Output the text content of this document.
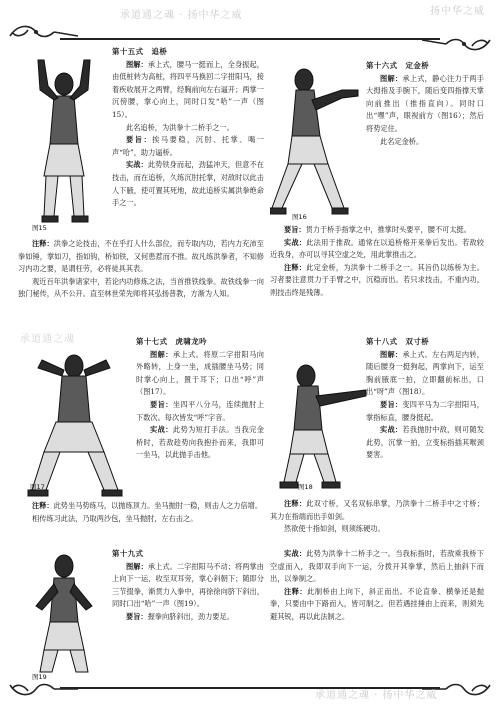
承道通之魂 · 扬中华之威	扬中华之威
承道通之魂
承道通之魂 · 扬中华之威
图15

第十五式　追桥

图解：承上式，腰马一挺而上，全身振起，由低桩转为高桩，将四平马换回二字拑阳马，接着疾收展开之两臂，经胸前向左右逼开；两掌一沉傍腰，掌心向上，同时口发“哈”一声（图15）。

此名追桥，为洪拳十二桥手之一。

要旨：挨马要稳，沉肘、托掌、喝一声“哈”，助力逼桥。

实战：此势铁身而起，劲猛冲天，但意不在技击，而在追桥，久练沉肘托掌，对敌时以此击人下腋，使可置其死地，故此追桥实属洪拳绝命手之一。

注释：洪拳之论技击，不在乎打人什么部位，而专取内功，若内力充沛至拳如锤，掌如刀，指如钩，桥如铁，又何患惹而不推。故凡练洪拳者，不知修习内功之要，是谓枉劳，必将徒具其表。

观近百年洪拳诸家中，若论内功修炼之法，当首推铁线拳。故铁线拳一向独门秘传，从不公开。直至林世荣先师将其弘扬普教，方渐为人知。

图16

第十六式　定金桥

图解：承上式，静心注力于两手大拇指及手腕下，随后变四指撑天掌向前推出（推指直向）。同时口出“嘿”声，眼视前方（图16）；然后将势定住。

此名定金桥。

要旨：贯力于桥手指掌之中，推掌时头要平，腰不可太挺。

实战：此法用于推敌。通常在以追桥格开来拳后发出。若敌较近我身，亦可以寻其空虚之处，用此掌推击之。

注释：此定金桥，为洪拳十二桥手之一。其旨仍以练桥为主。习者要注意贯力于手臂之中，沉稳而出。若只求技击，不重内功，则技击终是残薄。

图17

第十七式　虎啸龙吟

图解：承上式。将原二字拑阳马向外略转，上身一坐，成插腰坐马势；同时掌心向上，置于耳下；口出“呼”声（图17）。

要旨：坐四平八分马，连续抛肘上下数次。每次皆发“呼”字音。

实战：此势为短打手法。当我完金桥时，若敌趁势向我抱扑而来，我即可一坐马，以此抛手击他。

注释：此势坐马势练马，以抛练顶力。坐马抛肘一稳，则击人之力倍增。

相传练习此法，乃取两沙包，坐马抛肘，左右击之。

图18

第十八式　双寸桥

图解：承上式。左右两足内转，随后腰身一挺狗起，两掌向下，运至胸前腋底一拍，立即翻前标出，口出“呀”声（图18）。

要旨：变四平马为二字拑阳马，掌指标直，腰身挺起。

实战：若我抛肘中敌，则可随发此势，沉掌一拍，立变标指插其喉颈要害。

注释：此双寸桥，又名双标串掌，乃洪拳十二桥手中之寸桥；其力在指端而出手如剑。

然欲使十指如剑，则须练硬功。

图19

第十九式

图解：承上式。二字拑阳马不动；将两掌由上向下一运，收至双耳旁，掌心斜朝下；随即分三节掇拳，渐贯力入拳中，再徐徐向脐下斜出，同时口出“哈”一声（图19）。

要旨：握拳向脐斜出，劲力要足。

实战：此势为洪拳十二桥手之一。当我标指时，若敌乘我桥下空虚而入，我即双手向下一运，分拨开其拳掌，然后上抽斜下而出，以拳制之。

注释：此制桥由上向下，斜正而出。不论直拳、横拳还是抛拳，只要由中下路而入，皆可制之。但若遇挂捶由上而来，则须先避其锐，再以此法制之。
